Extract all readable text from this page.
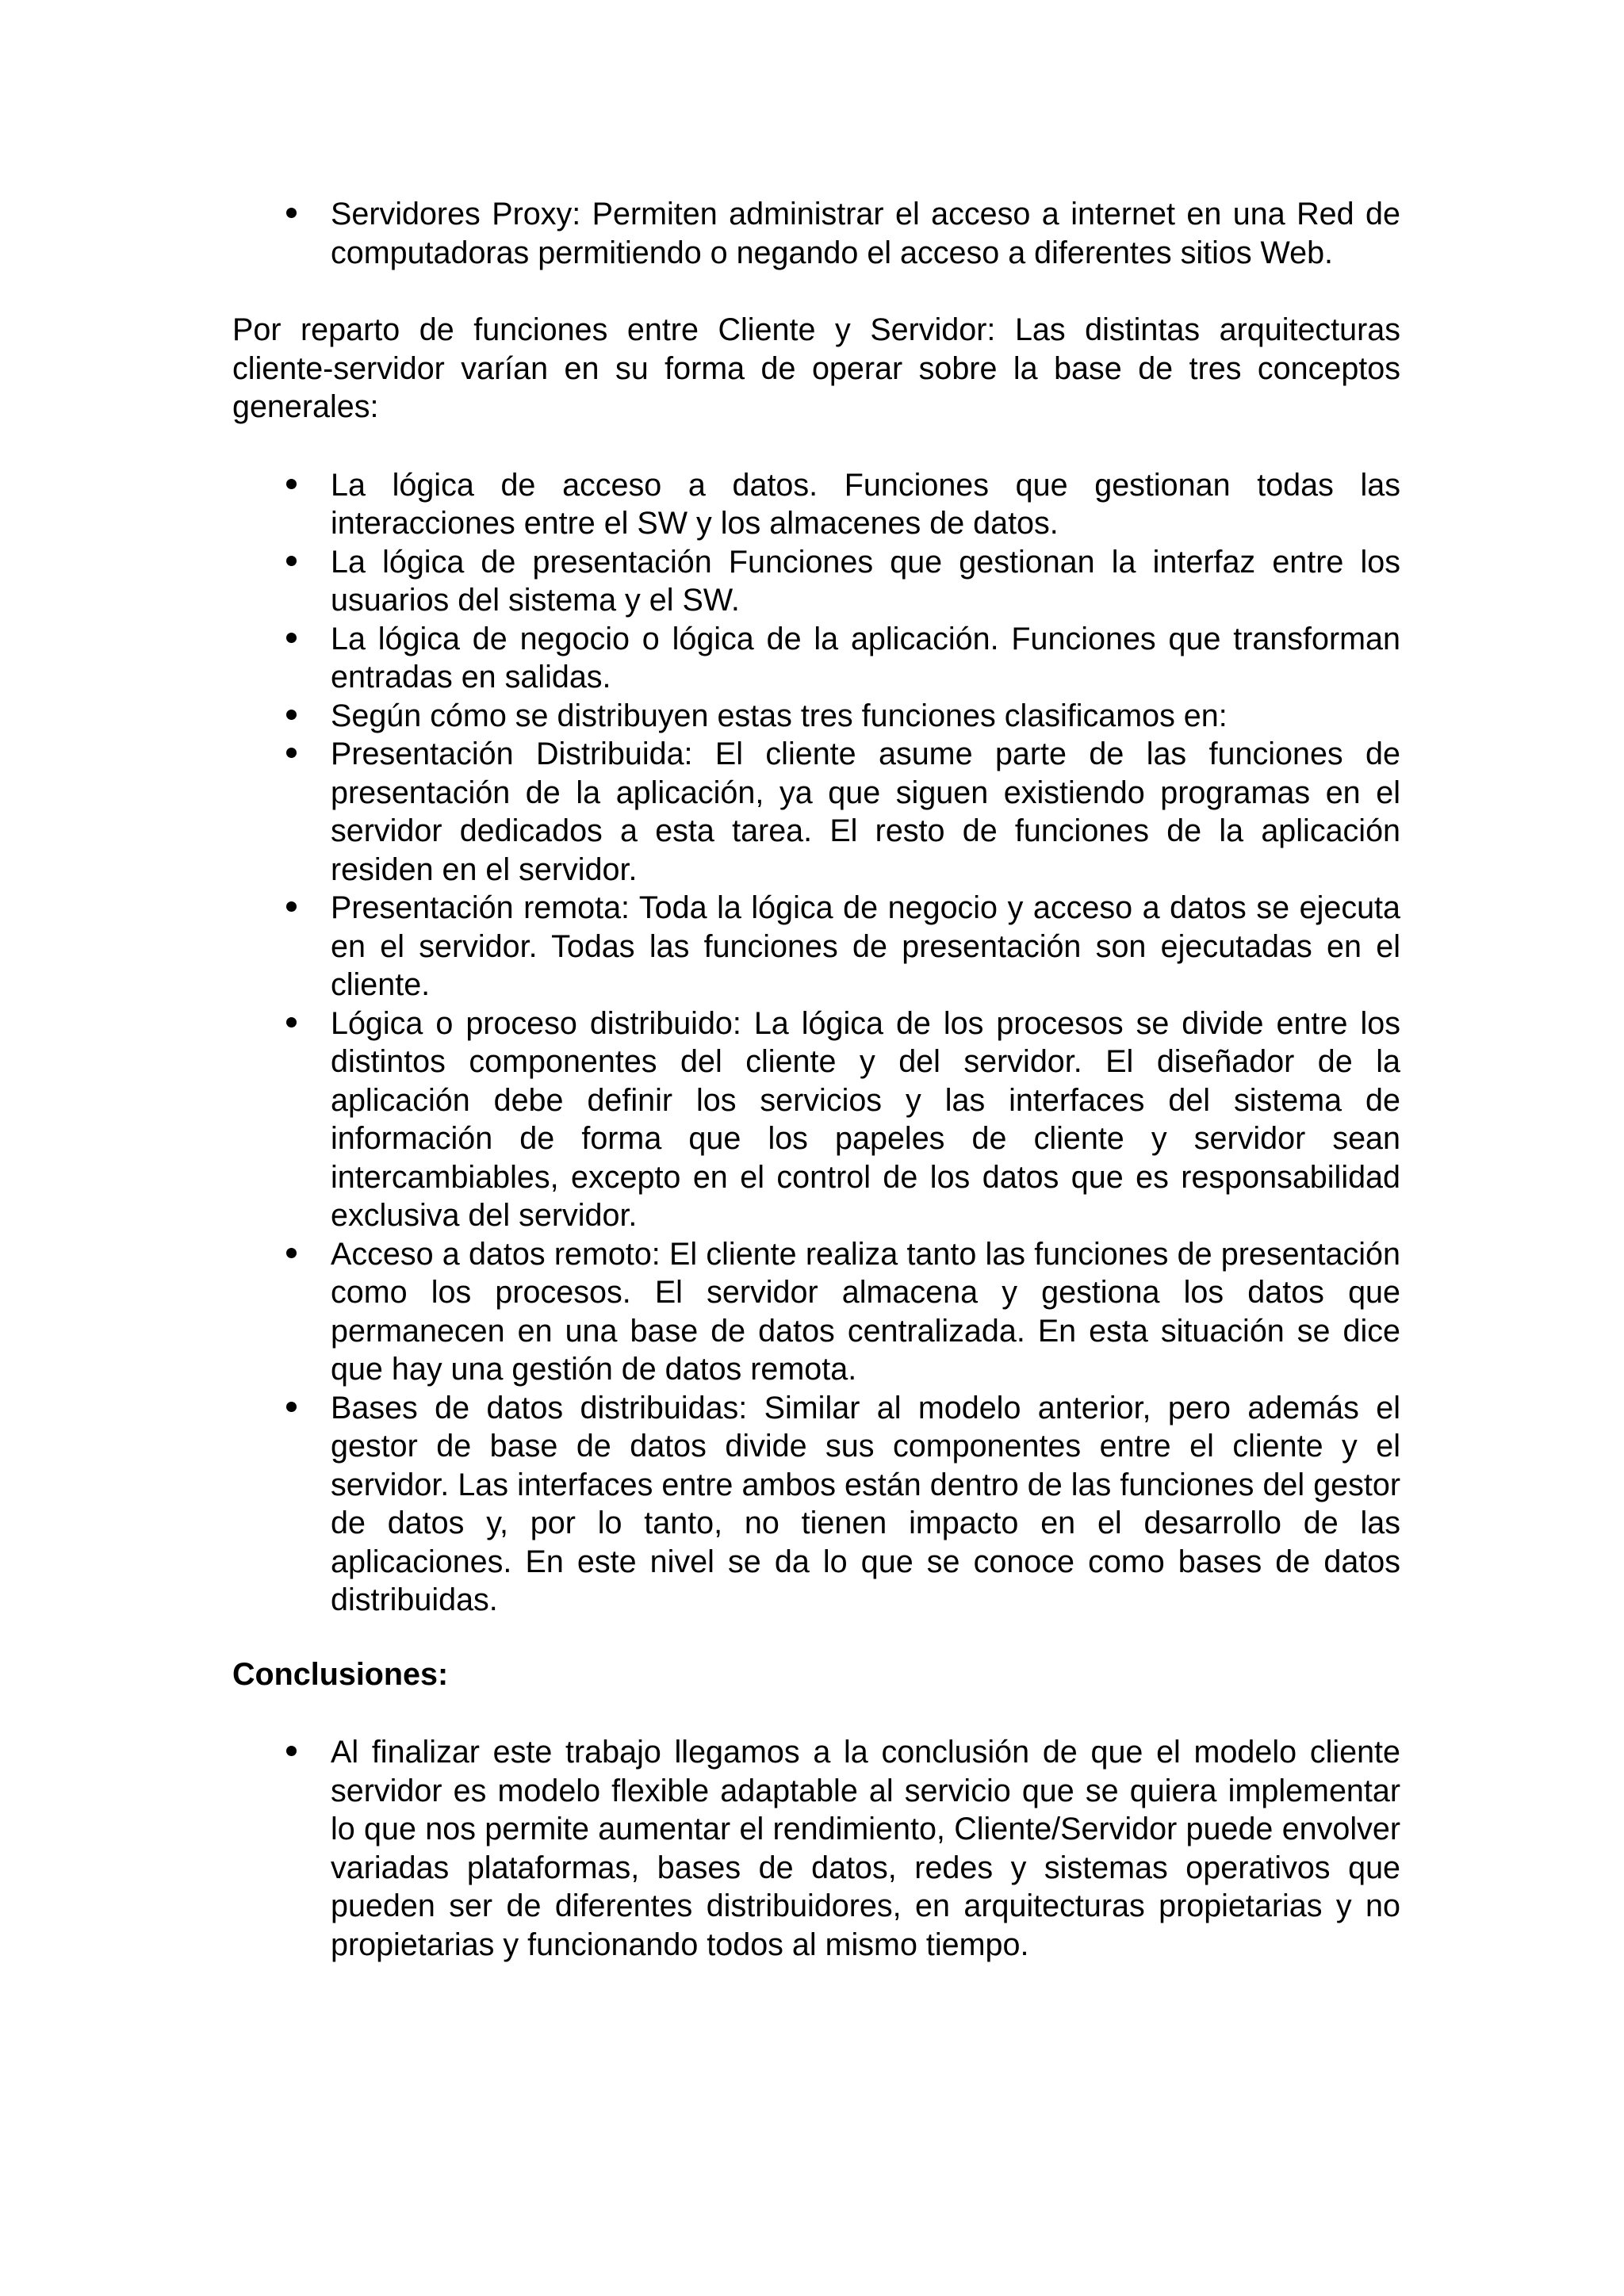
Servidores Proxy: Permiten administrar el acceso a internet en una Red de computadoras permitiendo o negando el acceso a diferentes sitios Web.

Por reparto de funciones entre Cliente y Servidor: Las distintas arquitecturas cliente-servidor varían en su forma de operar sobre la base de tres conceptos generales:

La lógica de acceso a datos. Funciones que gestionan todas las interacciones entre el SW y los almacenes de datos.
La lógica de presentación Funciones que gestionan la interfaz entre los usuarios del sistema y el SW.
La lógica de negocio o lógica de la aplicación. Funciones que transforman entradas en salidas.
Según cómo se distribuyen estas tres funciones clasificamos en:
Presentación Distribuida: El cliente asume parte de las funciones de presentación de la aplicación, ya que siguen existiendo programas en el servidor dedicados a esta tarea. El resto de funciones de la aplicación residen en el servidor.
Presentación remota: Toda la lógica de negocio y acceso a datos se ejecuta en el servidor. Todas las funciones de presentación son ejecutadas en el cliente.
Lógica o proceso distribuido: La lógica de los procesos se divide entre los distintos componentes del cliente y del servidor. El diseñador de la aplicación debe definir los servicios y las interfaces del sistema de información de forma que los papeles de cliente y servidor sean intercambiables, excepto en el control de los datos que es responsabilidad exclusiva del servidor.
Acceso a datos remoto: El cliente realiza tanto las funciones de presentación como los procesos. El servidor almacena y gestiona los datos que permanecen en una base de datos centralizada. En esta situación se dice que hay una gestión de datos remota.
Bases de datos distribuidas: Similar al modelo anterior, pero además el gestor de base de datos divide sus componentes entre el cliente y el servidor. Las interfaces entre ambos están dentro de las funciones del gestor de datos y, por lo tanto, no tienen impacto en el desarrollo de las aplicaciones. En este nivel se da lo que se conoce como bases de datos distribuidas.

Conclusiones:

Al finalizar este trabajo llegamos a la conclusión de que el modelo cliente servidor es modelo flexible adaptable al servicio que se quiera implementar lo que nos permite aumentar el rendimiento, Cliente/Servidor puede envolver variadas plataformas, bases de datos, redes y sistemas operativos que pueden ser de diferentes distribuidores, en arquitecturas propietarias y no propietarias y funcionando todos al mismo tiempo.
